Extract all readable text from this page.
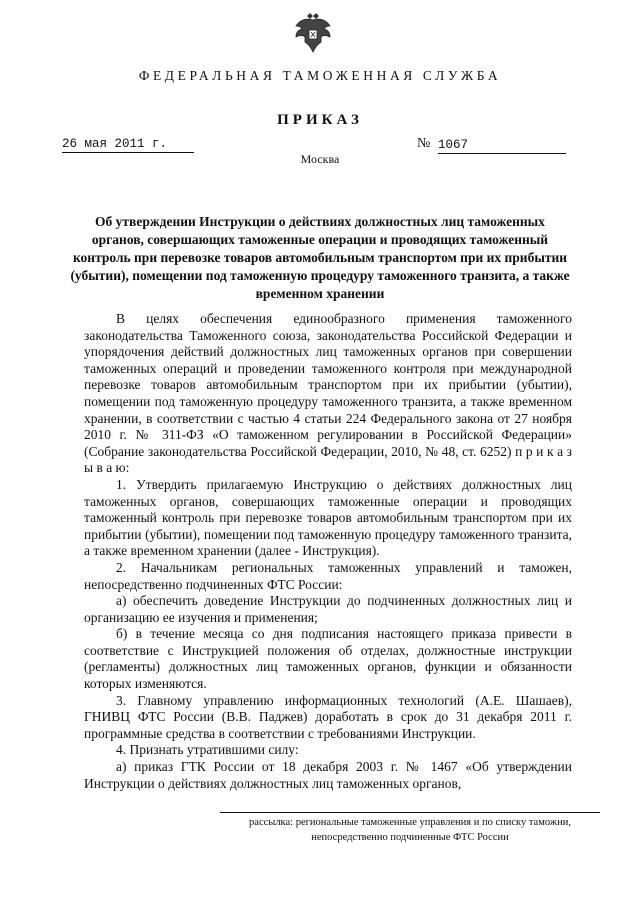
ФЕДЕРАЛЬНАЯ ТАМОЖЕННАЯ СЛУЖБА
ПРИКАЗ
26 мая 2011 г.	№ 1067
Москва
Об утверждении Инструкции о действиях должностных лиц таможенных органов, совершающих таможенные операции и проводящих таможенный контроль при перевозке товаров автомобильным транспортом при их прибытии (убытии), помещении под таможенную процедуру таможенного транзита, а также временном хранении

В целях обеспечения единообразного применения таможенного законодательства Таможенного союза, законодательства Российской Федерации и упорядочения действий должностных лиц таможенных органов при совершении таможенных операций и проведении таможенного контроля при международной перевозке товаров автомобильным транспортом при их прибытии (убытии), помещении под таможенную процедуру таможенного транзита, а также временном хранении, в соответствии с частью 4 статьи 224 Федерального закона от 27 ноября 2010 г. № 311-ФЗ «О таможенном регулировании в Российской Федерации» (Собрание законодательства Российской Федерации, 2010, № 48, ст. 6252) п р и к а з ы в а ю:

1. Утвердить прилагаемую Инструкцию о действиях должностных лиц таможенных органов, совершающих таможенные операции и проводящих таможенный контроль при перевозке товаров автомобильным транспортом при их прибытии (убытии), помещении под таможенную процедуру таможенного транзита, а также временном хранении (далее - Инструкция).

2. Начальникам региональных таможенных управлений и таможен, непосредственно подчиненных ФТС России:

а) обеспечить доведение Инструкции до подчиненных должностных лиц и организацию ее изучения и применения;

б) в течение месяца со дня подписания настоящего приказа привести в соответствие с Инструкцией положения об отделах, должностные инструкции (регламенты) должностных лиц таможенных органов, функции и обязанности которых изменяются.

3. Главному управлению информационных технологий (А.Е. Шашаев), ГНИВЦ ФТС России (В.В. Паджев) доработать в срок до 31 декабря 2011 г. программные средства в соответствии с требованиями Инструкции.

4. Признать утратившими силу:

а) приказ ГТК России от 18 декабря 2003 г. № 1467 «Об утверждении Инструкции о действиях должностных лиц таможенных органов,

рассылка: региональные таможенные управления и по списку таможни,
непосредственно подчиненные ФТС России
